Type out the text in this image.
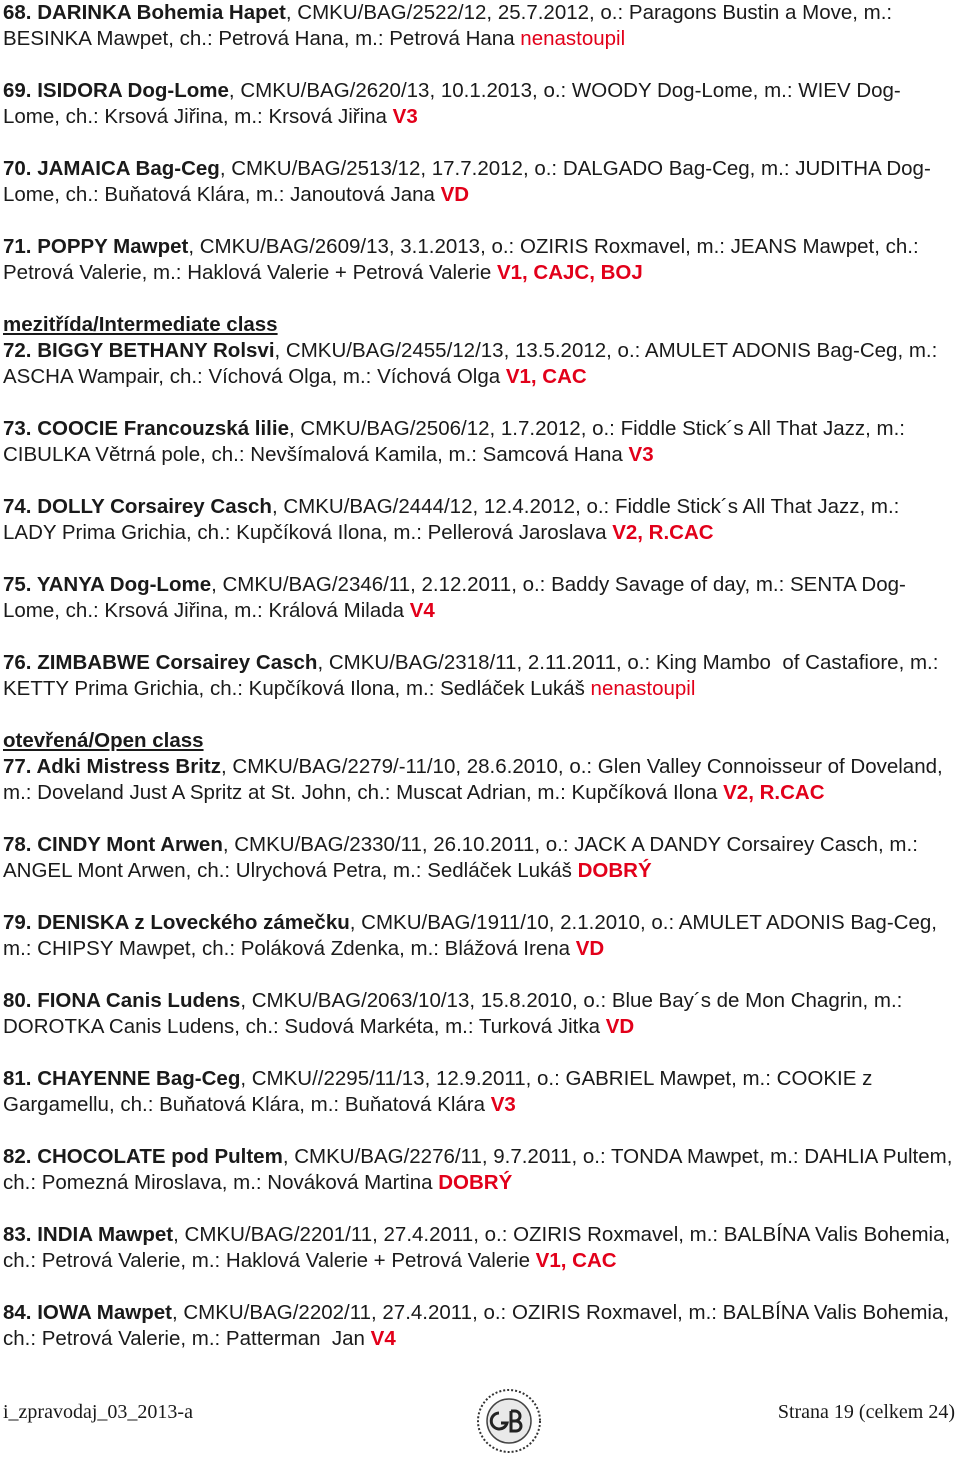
68. DARINKA Bohemia Hapet, CMKU/BAG/2522/12, 25.7.2012, o.: Paragons Bustin a Move, m.: BESINKA Mawpet, ch.: Petrová Hana, m.: Petrová Hana nenastoupil

69. ISIDORA Dog-Lome, CMKU/BAG/2620/13, 10.1.2013, o.: WOODY Dog-Lome, m.: WIEV Dog-Lome, ch.: Krsová Jiřina, m.: Krsová Jiřina V3

70. JAMAICA Bag-Ceg, CMKU/BAG/2513/12, 17.7.2012, o.: DALGADO Bag-Ceg, m.: JUDITHA Dog-Lome, ch.: Buňatová Klára, m.: Janoutová Jana VD

71. POPPY Mawpet, CMKU/BAG/2609/13, 3.1.2013, o.: OZIRIS Roxmavel, m.: JEANS Mawpet, ch.: Petrová Valerie, m.: Haklová Valerie + Petrová Valerie V1, CAJC, BOJ

mezitřída/Intermediate class

72. BIGGY BETHANY Rolsvi, CMKU/BAG/2455/12/13, 13.5.2012, o.: AMULET ADONIS Bag-Ceg, m.: ASCHA Wampair, ch.: Víchová Olga, m.: Víchová Olga V1, CAC

73. COOCIE Francouzská lilie, CMKU/BAG/2506/12, 1.7.2012, o.: Fiddle Stick´s All That Jazz, m.: CIBULKA Větrná pole, ch.: Nevšímalová Kamila, m.: Samcová Hana V3

74. DOLLY Corsairey Casch, CMKU/BAG/2444/12, 12.4.2012, o.: Fiddle Stick´s All That Jazz, m.: LADY Prima Grichia, ch.: Kupčíková Ilona, m.: Pellerová Jaroslava V2, R.CAC

75. YANYA Dog-Lome, CMKU/BAG/2346/11, 2.12.2011, o.: Baddy Savage of day, m.: SENTA Dog-Lome, ch.: Krsová Jiřina, m.: Králová Milada V4

76. ZIMBABWE Corsairey Casch, CMKU/BAG/2318/11, 2.11.2011, o.: King Mambo  of Castafiore, m.: KETTY Prima Grichia, ch.: Kupčíková Ilona, m.: Sedláček Lukáš nenastoupil

otevřená/Open class

77. Adki Mistress Britz, CMKU/BAG/2279/-11/10, 28.6.2010, o.: Glen Valley Connoisseur of Doveland, m.: Doveland Just A Spritz at St. John, ch.: Muscat Adrian, m.: Kupčíková Ilona V2, R.CAC

78. CINDY Mont Arwen, CMKU/BAG/2330/11, 26.10.2011, o.: JACK A DANDY Corsairey Casch, m.: ANGEL Mont Arwen, ch.: Ulrychová Petra, m.: Sedláček Lukáš DOBRÝ

79. DENISKA z Loveckého zámečku, CMKU/BAG/1911/10, 2.1.2010, o.: AMULET ADONIS Bag-Ceg, m.: CHIPSY Mawpet, ch.: Poláková Zdenka, m.: Blážová Irena VD

80. FIONA Canis Ludens, CMKU/BAG/2063/10/13, 15.8.2010, o.: Blue Bay´s de Mon Chagrin, m.: DOROTKA Canis Ludens, ch.: Sudová Markéta, m.: Turková Jitka VD

81. CHAYENNE Bag-Ceg, CMKU//2295/11/13, 12.9.2011, o.: GABRIEL Mawpet, m.: COOKIE z Gargamellu, ch.: Buňatová Klára, m.: Buňatová Klára V3

82. CHOCOLATE pod Pultem, CMKU/BAG/2276/11, 9.7.2011, o.: TONDA Mawpet, m.: DAHLIA Pultem, ch.: Pomezná Miroslava, m.: Nováková Martina DOBRÝ

83. INDIA Mawpet, CMKU/BAG/2201/11, 27.4.2011, o.: OZIRIS Roxmavel, m.: BALBÍNA Valis Bohemia, ch.: Petrová Valerie, m.: Haklová Valerie + Petrová Valerie V1, CAC

84. IOWA Mawpet, CMKU/BAG/2202/11, 27.4.2011, o.: OZIRIS Roxmavel, m.: BALBÍNA Valis Bohemia, ch.: Petrová Valerie, m.: Patterman  Jan V4

i_zpravodaj_03_2013-a	Strana 19 (celkem 24)
